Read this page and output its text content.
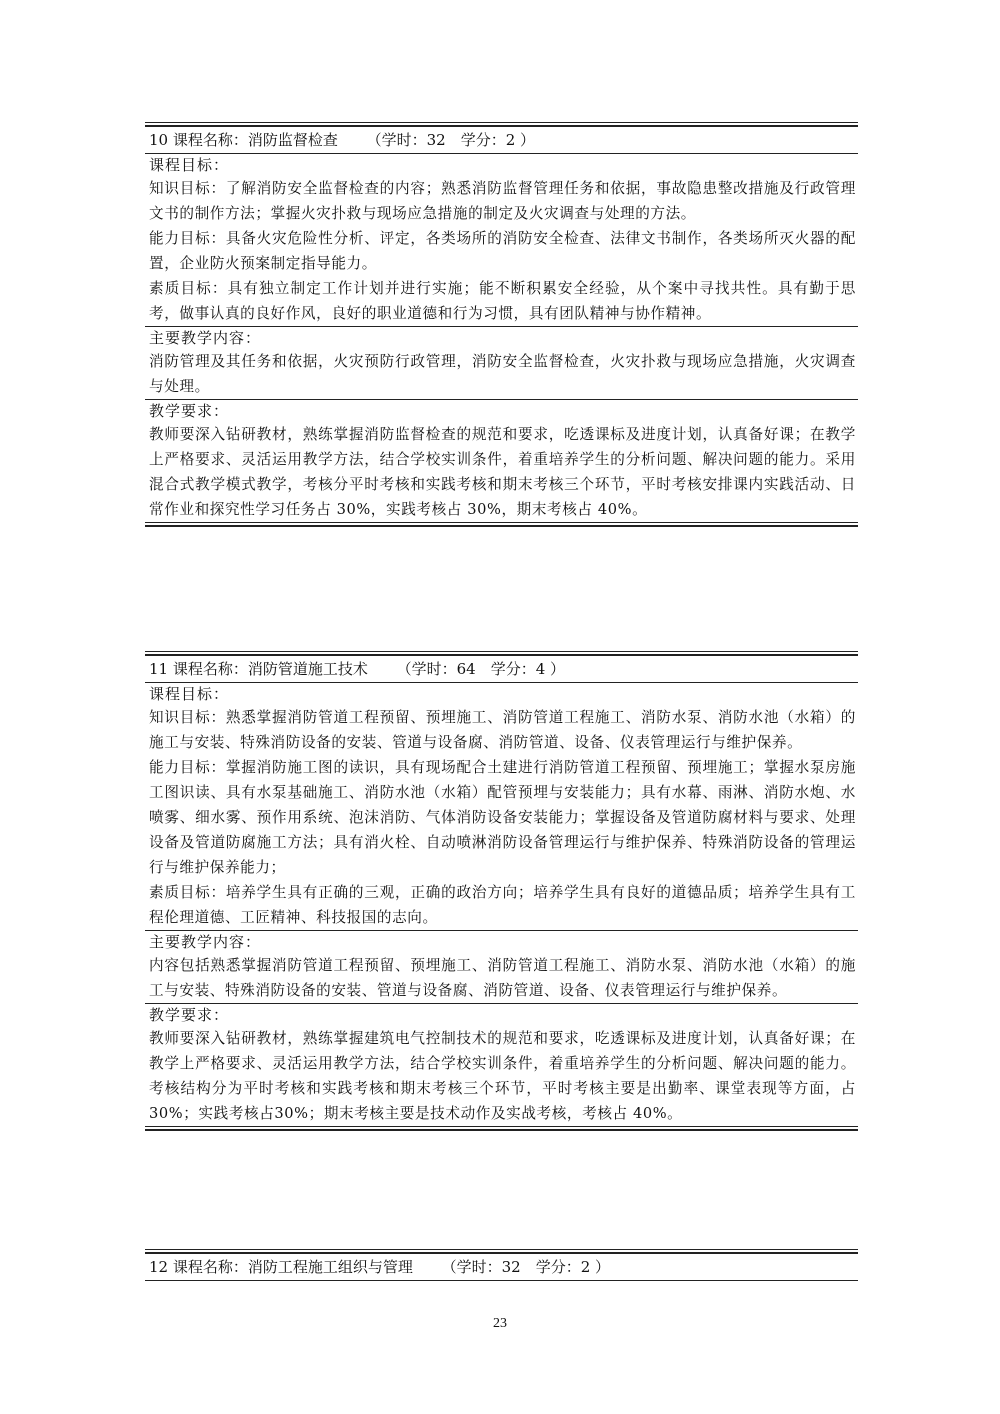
10 课程名称：消防监督检查 （学时：32　学分：2 ）
课程目标：

知识目标：了解消防安全监督检查的内容；熟悉消防监督管理任务和依据，事故隐患整改措施及行政管理文书的制作方法；掌握火灾扑救与现场应急措施的制定及火灾调查与处理的方法。

能力目标：具备火灾危险性分析、评定，各类场所的消防安全检查、法律文书制作，各类场所灭火器的配置，企业防火预案制定指导能力。

素质目标：具有独立制定工作计划并进行实施；能不断积累安全经验，从个案中寻找共性。具有勤于思考，做事认真的良好作风，良好的职业道德和行为习惯，具有团队精神与协作精神。

主要教学内容：

消防管理及其任务和依据，火灾预防行政管理，消防安全监督检查，火灾扑救与现场应急措施，火灾调查与处理。

教学要求：

教师要深入钻研教材，熟练掌握消防监督检查的规范和要求，吃透课标及进度计划，认真备好课；在教学上严格要求、灵活运用教学方法，结合学校实训条件，着重培养学生的分析问题、解决问题的能力。采用混合式教学模式教学，考核分平时考核和实践考核和期末考核三个环节，平时考核安排课内实践活动、日常作业和探究性学习任务占 30%，实践考核占 30%，期末考核占 40%。

11 课程名称：消防管道施工技术 （学时：64　学分：4 ）
课程目标：

知识目标：熟悉掌握消防管道工程预留、预埋施工、消防管道工程施工、消防水泵、消防水池（水箱）的施工与安装、特殊消防设备的安装、管道与设备腐、消防管道、设备、仪表管理运行与维护保养。

能力目标：掌握消防施工图的读识，具有现场配合土建进行消防管道工程预留、预埋施工；掌握水泵房施工图识读、具有水泵基础施工、消防水池（水箱）配管预埋与安装能力；具有水幕、雨淋、消防水炮、水喷雾、细水雾、预作用系统、泡沫消防、气体消防设备安装能力；掌握设备及管道防腐材料与要求、处理设备及管道防腐施工方法；具有消火栓、自动喷淋消防设备管理运行与维护保养、特殊消防设备的管理运行与维护保养能力；

素质目标：培养学生具有正确的三观，正确的政治方向；培养学生具有良好的道德品质；培养学生具有工程伦理道德、工匠精神、科技报国的志向。

主要教学内容：

内容包括熟悉掌握消防管道工程预留、预埋施工、消防管道工程施工、消防水泵、消防水池（水箱）的施工与安装、特殊消防设备的安装、管道与设备腐、消防管道、设备、仪表管理运行与维护保养。

教学要求：

教师要深入钻研教材，熟练掌握建筑电气控制技术的规范和要求，吃透课标及进度计划，认真备好课；在教学上严格要求、灵活运用教学方法，结合学校实训条件，着重培养学生的分析问题、解决问题的能力。考核结构分为平时考核和实践考核和期末考核三个环节，平时考核主要是出勤率、课堂表现等方面，占 30%；实践考核占30%；期末考核主要是技术动作及实战考核，考核占 40%。

12 课程名称：消防工程施工组织与管理 （学时：32　学分：2 ）
23
